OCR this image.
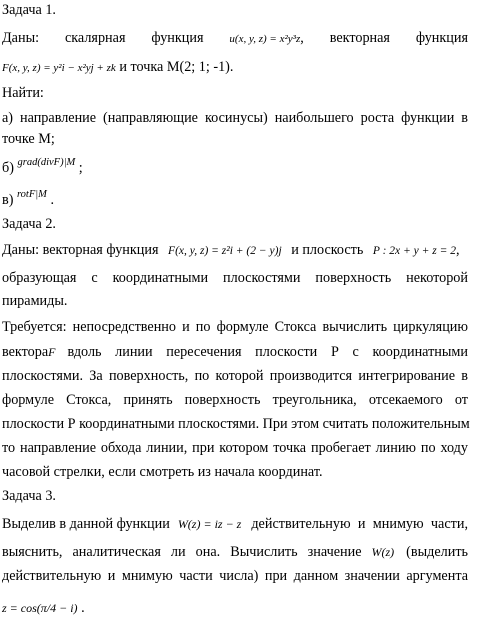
Задача 1.
Даны: скалярная функция u(x, y, z) = x²y³z, векторная функция
F(x, y, z) = y²i − x²yj + zk и точка М(2; 1; -1).
Найти:
а) направление (направляющие косинусы) наибольшего роста функции в
точке М;
б) $^{grad(divF)|M}$ ;
в) $^{rotF|M}$ .
Задача 2.
Даны: векторная функция F(x, y, z) = z²i + (2 − y)j и плоскость P : 2x + y + z = 2,
образующая с координатными плоскостями поверхность некоторой
пирамиды.
Требуется: непосредственно и по формуле Стокса вычислить циркуляцию
вектора F вдоль линии пересечения плоскости Р с координатными
плоскостями. За поверхность, по которой производится интегрирование в
формуле Стокса, принять поверхность треугольника, отсекаемого от
плоскости Р координатными плоскостями. При этом считать положительным
то направление обхода линии, при котором точка пробегает линию по ходу
часовой стрелки, если смотреть из начала координат.
Задача 3.
Выделив в данной функции W(z) = iz − z действительную и мнимую части,
выяснить, аналитическая ли она. Вычислить значение W(z) (выделить
действительную и мнимую части числа) при данном значении аргумента
z = cos(π/4 − i) .
